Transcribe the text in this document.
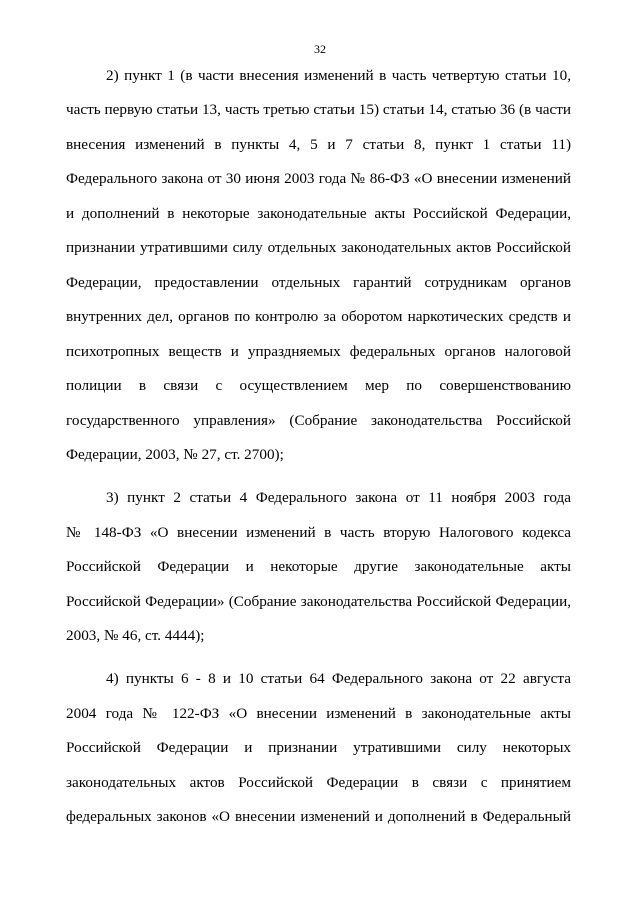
32
2) пункт 1 (в части внесения изменений в часть четвертую статьи 10,
часть первую статьи 13, часть третью статьи 15) статьи 14, статью 36 (в части
внесения изменений в пункты 4, 5 и 7 статьи 8, пункт 1 статьи 11)
Федерального закона от 30 июня 2003 года № 86-ФЗ «О внесении изменений
и дополнений в некоторые законодательные акты Российской Федерации,
признании утратившими силу отдельных законодательных актов Российской
Федерации, предоставлении отдельных гарантий сотрудникам органов
внутренних дел, органов по контролю за оборотом наркотических средств и
психотропных веществ и упраздняемых федеральных органов налоговой
полиции в связи с осуществлением мер по совершенствованию
государственного управления» (Собрание законодательства Российской
Федерации, 2003, № 27, ст. 2700);
3) пункт 2 статьи 4 Федерального закона от 11 ноября 2003 года
№ 148-ФЗ «О внесении изменений в часть вторую Налогового кодекса
Российской Федерации и некоторые другие законодательные акты
Российской Федерации» (Собрание законодательства Российской Федерации,
2003, № 46, ст. 4444);
4) пункты 6 - 8 и 10 статьи 64 Федерального закона от 22 августа
2004 года № 122-ФЗ «О внесении изменений в законодательные акты
Российской Федерации и признании утратившими силу некоторых
законодательных актов Российской Федерации в связи с принятием
федеральных законов «О внесении изменений и дополнений в Федеральный
